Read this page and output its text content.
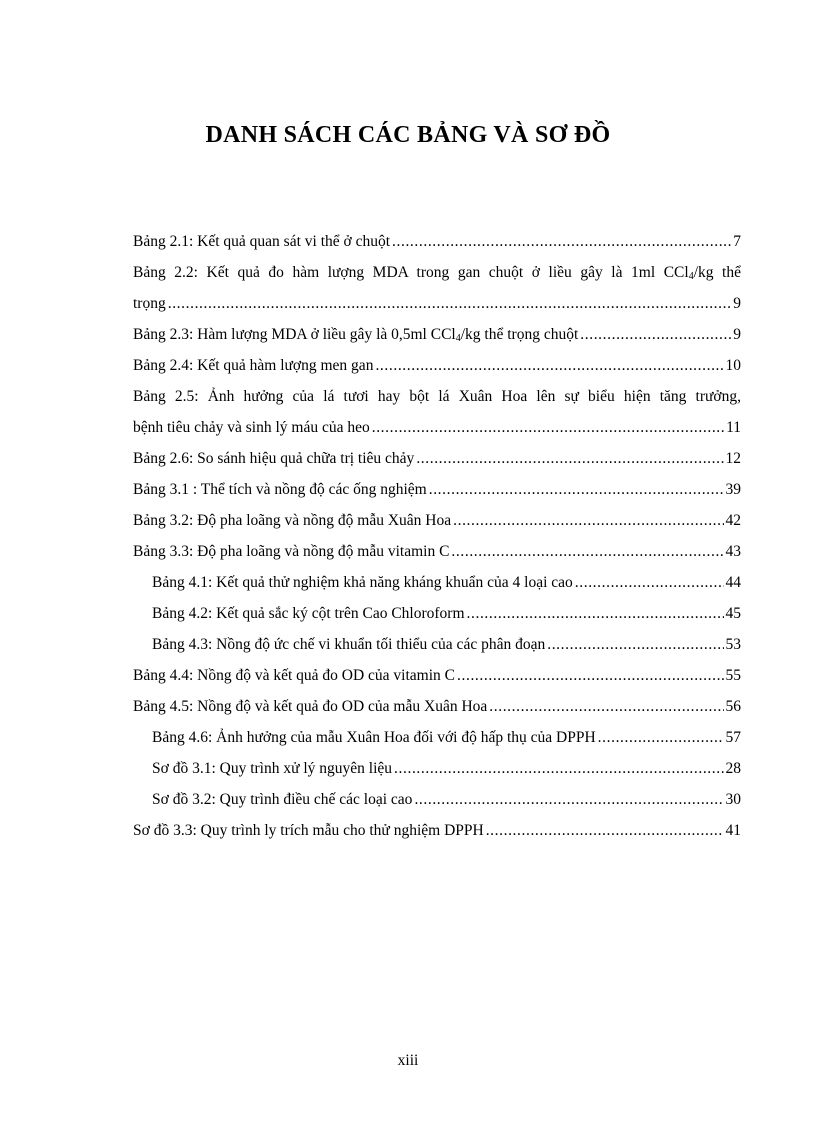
DANH SÁCH CÁC BẢNG VÀ SƠ ĐỒ
Bảng 2.1: Kết quả quan sát vi thể ở chuột .....	7
Bảng 2.2: Kết quả đo hàm lượng MDA trong gan chuột ở liều gây là 1ml CCl$_4$/kg thể
trọng .....	9
Bảng 2.3: Hàm lượng MDA ở liều gây là 0,5ml CCl$_4$/kg thể trọng chuột .....	9
Bảng 2.4: Kết quả hàm lượng men gan .....	10
Bảng 2.5: Ảnh hưởng của lá tươi hay bột lá Xuân Hoa lên sự biểu hiện tăng trưởng,
bệnh tiêu chảy và sinh lý máu của heo .....	11
Bảng 2.6: So sánh hiệu quả chữa trị tiêu chảy .....	12
Bảng 3.1 : Thể tích và nồng độ các ống nghiệm .....	39
Bảng 3.2: Độ pha loãng và nồng độ mẫu Xuân Hoa .....	42
Bảng 3.3: Độ pha loãng và nồng độ mẫu vitamin C .....	43
Bảng 4.1: Kết quả thử nghiệm khả năng kháng khuẩn của 4 loại cao .....	44
Bảng 4.2: Kết quả sắc ký cột trên Cao Chloroform .....	45
Bảng 4.3: Nồng độ ức chế vi khuẩn tối thiểu của các phân đoạn .....	53
Bảng 4.4: Nồng độ và kết quả đo OD của vitamin C .....	55
Bảng 4.5: Nồng độ và kết quả đo OD của mẫu Xuân Hoa .....	56
Bảng 4.6: Ảnh hưởng của mẫu Xuân Hoa đối với độ hấp thụ của DPPH .....	57
Sơ đồ 3.1: Quy trình xử lý nguyên liệu .....	28
Sơ đồ 3.2: Quy trình điều chế các loại cao .....	30
Sơ đồ 3.3: Quy trình ly trích mẫu cho thử nghiệm DPPH .....	41
xiii
